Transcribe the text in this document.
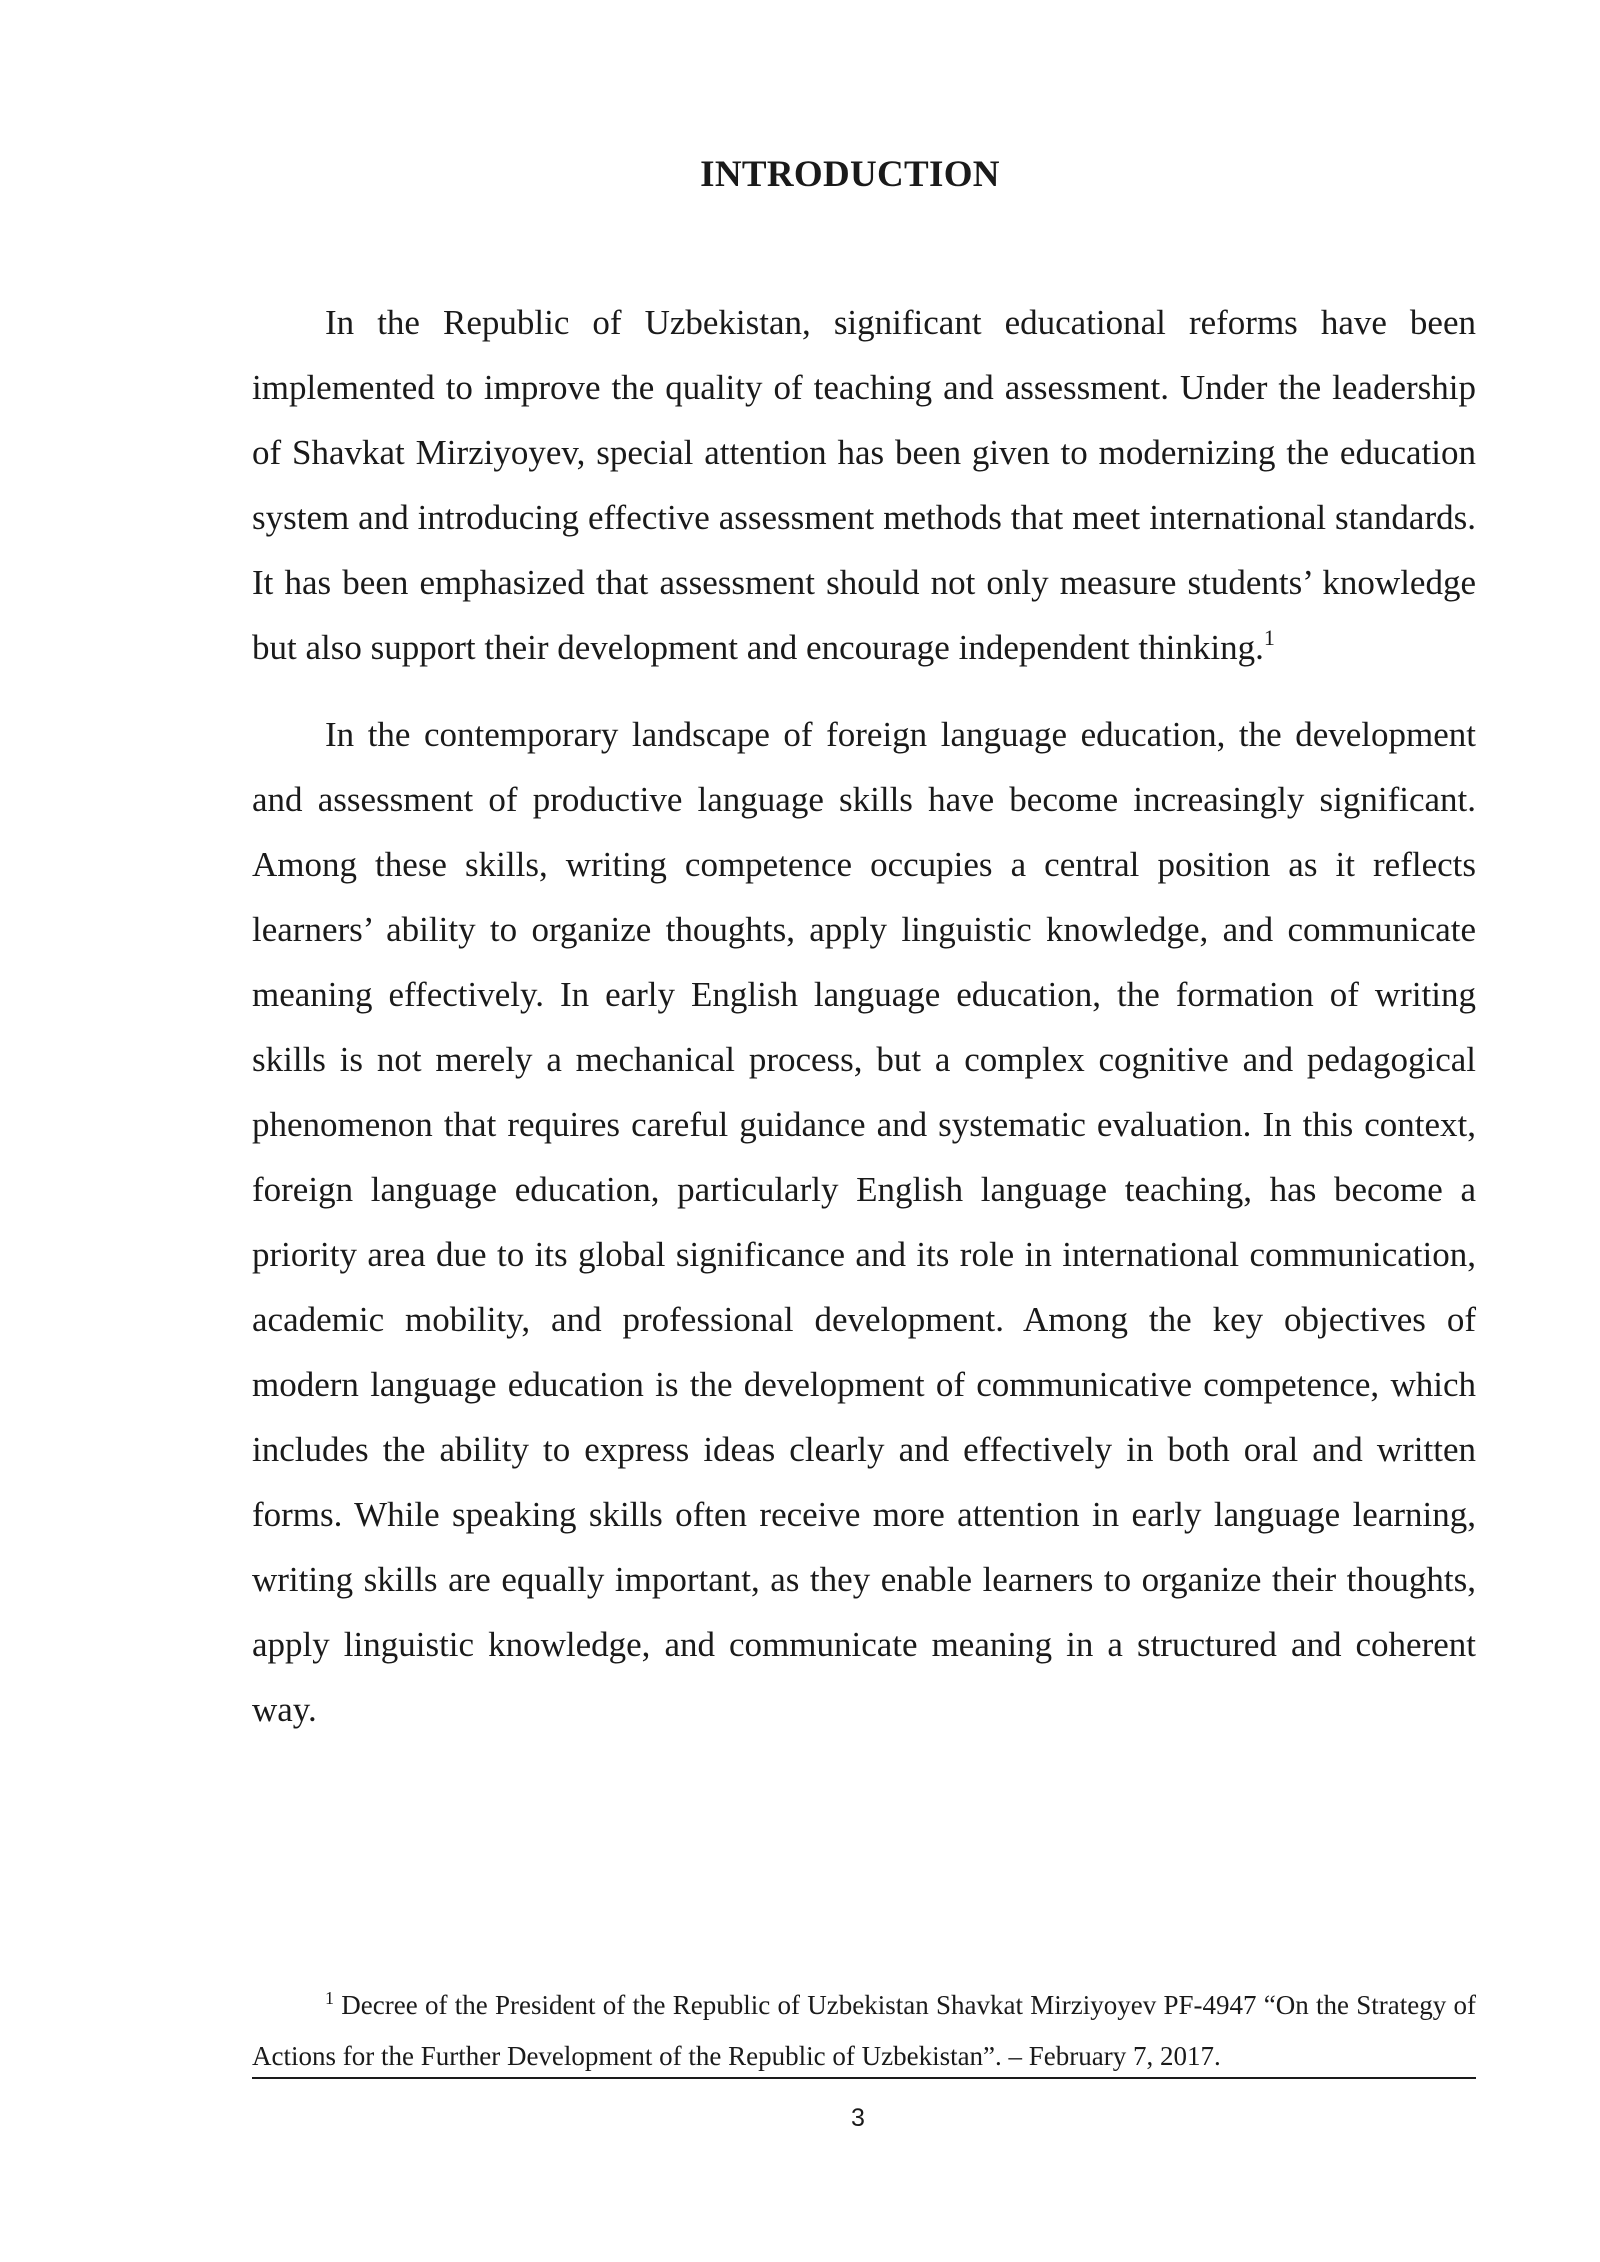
INTRODUCTION

In the Republic of Uzbekistan, significant educational reforms have been implemented to improve the quality of teaching and assessment. Under the leadership of Shavkat Mirziyoyev, special attention has been given to modernizing the education system and introducing effective assessment methods that meet international standards. It has been emphasized that assessment should not only measure students’ knowledge but also support their development and encourage independent thinking.$^1$

In the contemporary landscape of foreign language education, the development and assessment of productive language skills have become increasingly significant. Among these skills, writing competence occupies a central position as it reflects learners’ ability to organize thoughts, apply linguistic knowledge, and communicate meaning effectively. In early English language education, the formation of writing skills is not merely a mechanical process, but a complex cognitive and pedagogical phenomenon that requires careful guidance and systematic evaluation. In this context, foreign language education, particularly English language teaching, has become a priority area due to its global significance and its role in international communication, academic mobility, and professional development. Among the key objectives of modern language education is the development of communicative competence, which includes the ability to express ideas clearly and effectively in both oral and written forms. While speaking skills often receive more attention in early language learning, writing skills are equally important, as they enable learners to organize their thoughts, apply linguistic knowledge, and communicate meaning in a structured and coherent way.

$^1$ Decree of the President of the Republic of Uzbekistan Shavkat Mirziyoyev PF-4947 “On the Strategy of Actions for the Further Development of the Republic of Uzbekistan”. – February 7, 2017.
3
